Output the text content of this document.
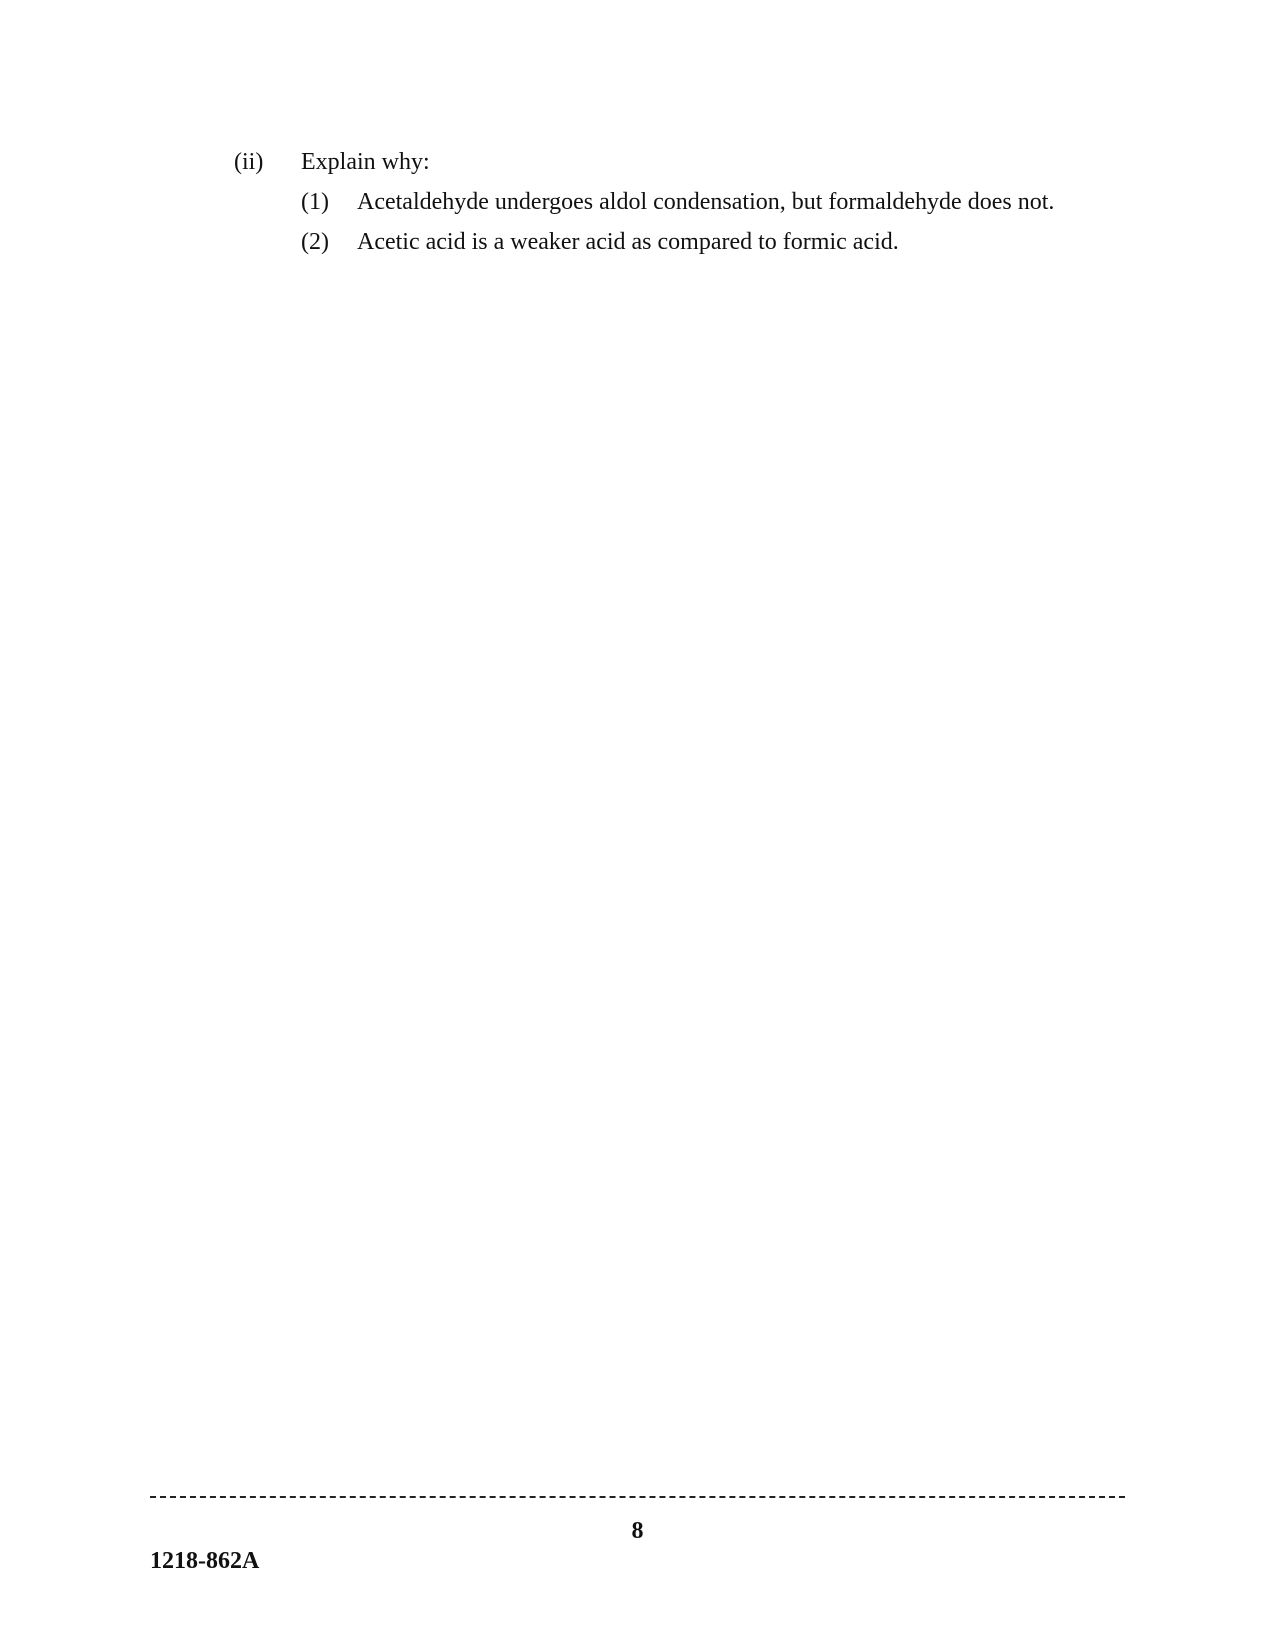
(ii)	Explain why:
(1)	Acetaldehyde undergoes aldol condensation, but formaldehyde does not.
(2)	Acetic acid is a weaker acid as compared to formic acid.
8
1218-862A
